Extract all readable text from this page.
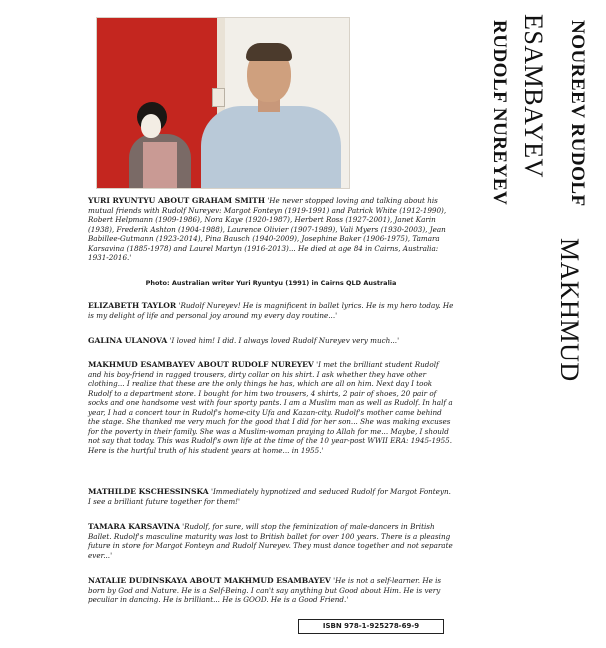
YURI RYUNTYU ABOUT GRAHAM SMITH 'He never stopped loving and talking about his mutual friends with Rudolf Nureyev: Margot Fonteyn (1919-1991) and Patrick White (1912-1990), Robert Helpmann (1909-1986), Nora Kaye (1920-1987), Herbert Ross (1927-2001), Janet Karin (1938), Frederik Ashton (1904-1988), Laurence Olivier (1907-1989), Vali Myers (1930-2003), Jean Babillee-Gutmann (1923-2014), Pina Bausch (1940-2009), Josephine Baker (1906-1975), Tamara Karsavina (1885-1978) and Laurel Martyn (1916-2013)... He died at age 84 in Cairns, Australia: 1931-2016.'
Photo: Australian writer Yuri Ryuntyu (1991) in Cairns QLD Australia
ELIZABETH TAYLOR 'Rudolf Nureyev! He is magnificent in ballet lyrics. He is my hero today. He is my delight of life and personal joy around my every day routine...'
GALINA ULANOVA 'I loved him! I did. I always loved Rudolf Nureyev very much...'
MAKHMUD ESAMBAYEV ABOUT RUDOLF NUREYEV 'I met the brilliant student Rudolf and his boy-friend in ragged trousers, dirty collar on his shirt. I ask whether they have other clothing... I realize that these are the only things he has, which are all on him. Next day I took Rudolf to a department store. I bought for him two trousers, 4 shirts, 2 pair of shoes, 20 pair of socks and one handsome vest with four sporty pants. I am a Muslim man as well as Rudolf. In half a year, I had a concert tour in Rudolf's home-city Ufa and Kazan-city. Rudolf's mother came behind the stage. She thanked me very much for the good that I did for her son... She was making excuses for the poverty in their family. She was a Muslim-woman praying to Allah for me... Maybe, I should not say that today. This was Rudolf's own life at the time of the 10 year-post WWII ERA: 1945-1955. Here is the hurtful truth of his student years at home... in 1955.'
MATHILDE KSCHESSINSKA 'Immediately hypnotized and seduced Rudolf for Margot Fonteyn. I see a brilliant future together for them!'
TAMARA KARSAVINA 'Rudolf, for sure, will stop the feminization of male-dancers in British Ballet. Rudolf's masculine maturity was lost to British ballet for over 100 years. There is a pleasing future in store for Margot Fonteyn and Rudolf Nureyev. They must dance together and not separate ever...'
NATALIE DUDINSKAYA ABOUT MAKHMUD ESAMBAYEV 'He is not a self-learner. He is born by God and Nature. He is a Self-Being. I can't say anything but Good about Him. He is very peculiar in dancing. He is brilliant... He is GOOD. He is a Good Friend.'
ISBN 978-1-925278-69-9
RUDOLF NUREYEV ESAMBAYEV
MAKHMUD
NOUREEV RUDOLF
